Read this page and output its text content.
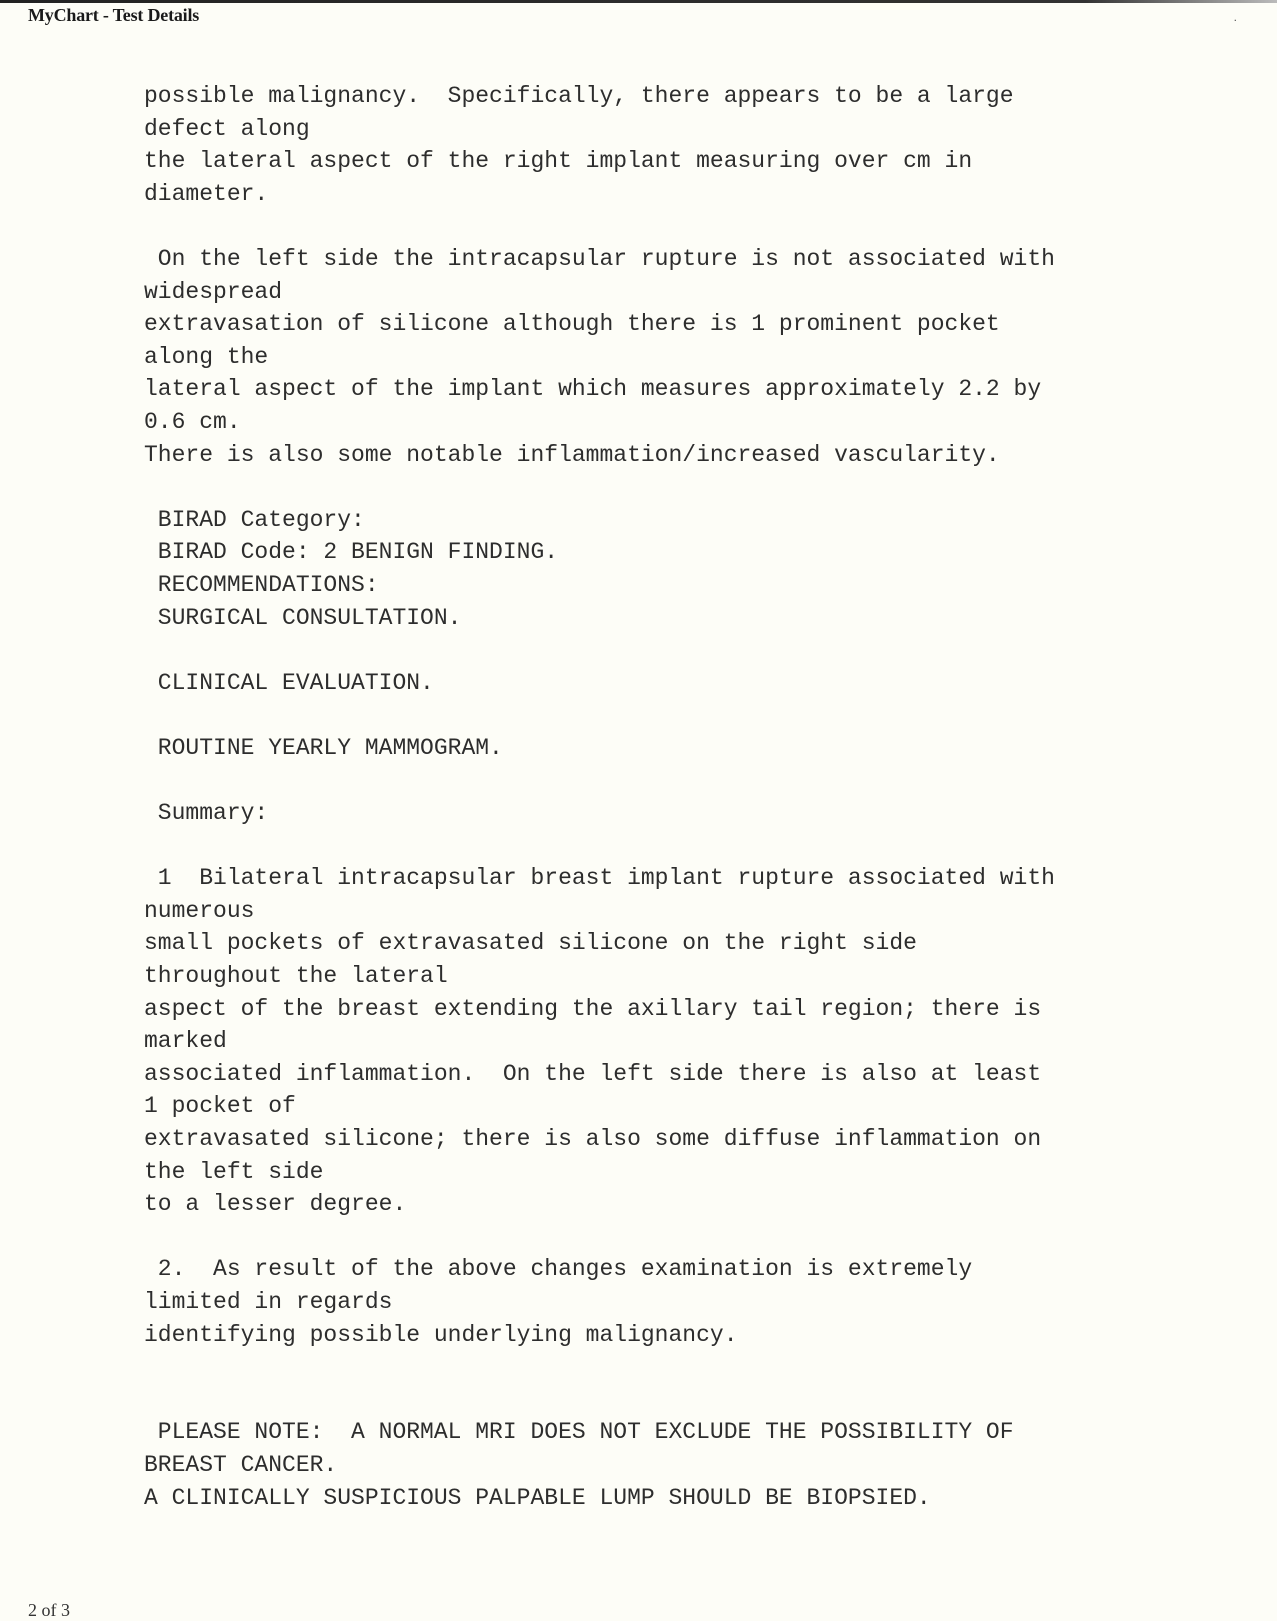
MyChart - Test Details	.
possible malignancy.  Specifically, there appears to be a large
defect along
the lateral aspect of the right implant measuring over cm in
diameter.
On the left side the intracapsular rupture is not associated with
widespread
extravasation of silicone although there is 1 prominent pocket
along the
lateral aspect of the implant which measures approximately 2.2 by
0.6 cm.
There is also some notable inflammation/increased vascularity.
BIRAD Category:
BIRAD Code: 2 BENIGN FINDING.
RECOMMENDATIONS:
SURGICAL CONSULTATION.
CLINICAL EVALUATION.
ROUTINE YEARLY MAMMOGRAM.
Summary:
1  Bilateral intracapsular breast implant rupture associated with
numerous
small pockets of extravasated silicone on the right side
throughout the lateral
aspect of the breast extending the axillary tail region; there is
marked
associated inflammation.  On the left side there is also at least
1 pocket of
extravasated silicone; there is also some diffuse inflammation on
the left side
to a lesser degree.
2.  As result of the above changes examination is extremely
limited in regards
identifying possible underlying malignancy.
PLEASE NOTE:  A NORMAL MRI DOES NOT EXCLUDE THE POSSIBILITY OF
BREAST CANCER.
A CLINICALLY SUSPICIOUS PALPABLE LUMP SHOULD BE BIOPSIED.
2 of 3
